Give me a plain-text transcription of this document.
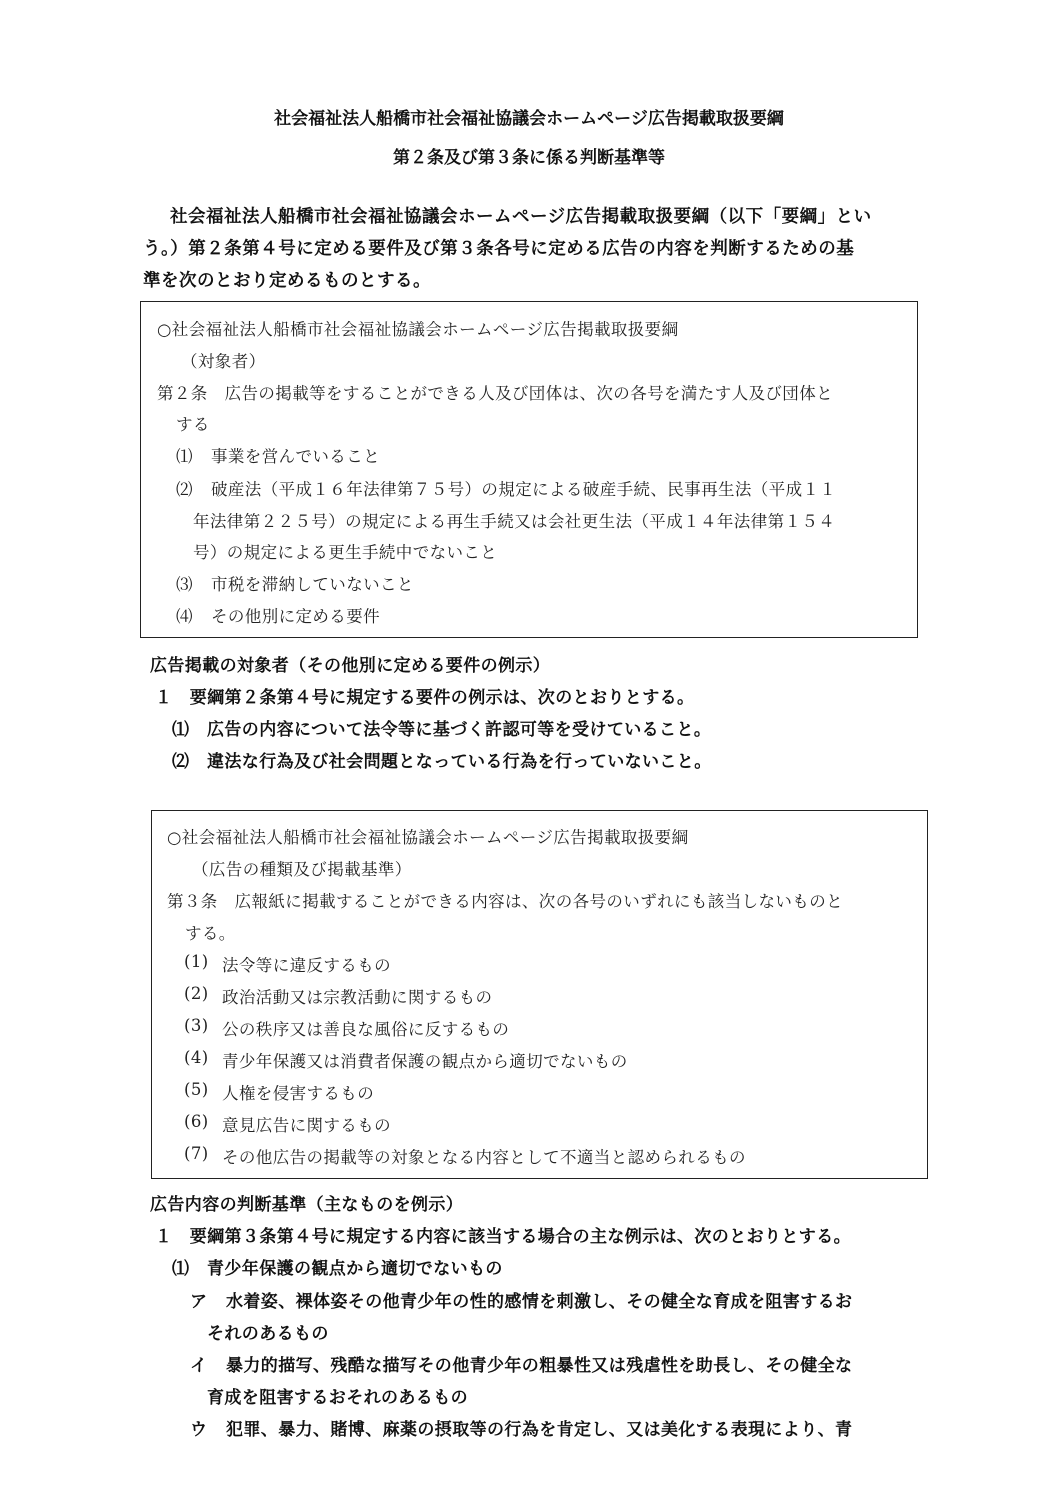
社会福祉法人船橋市社会福祉協議会ホームページ広告掲載取扱要綱
第２条及び第３条に係る判断基準等
社会福祉法人船橋市社会福祉協議会ホームページ広告掲載取扱要綱（以下「要綱」とい
う。）第２条第４号に定める要件及び第３条各号に定める広告の内容を判断するための基
準を次のとおり定めるものとする。
○社会福祉法人船橋市社会福祉協議会ホームページ広告掲載取扱要綱
（対象者）
第２条　広告の掲載等をすることができる人及び団体は、次の各号を満たす人及び団体と
する
⑴ 事業を営んでいること
⑵ 破産法（平成１６年法律第７５号）の規定による破産手続、民事再生法（平成１１
年法律第２２５号）の規定による再生手続又は会社更生法（平成１４年法律第１５４
号）の規定による更生手続中でないこと
⑶ 市税を滞納していないこと
⑷ その他別に定める要件
広告掲載の対象者（その他別に定める要件の例示）
１　要綱第２条第４号に規定する要件の例示は、次のとおりとする。
⑴ 広告の内容について法令等に基づく許認可等を受けていること。
⑵ 違法な行為及び社会問題となっている行為を行っていないこと。
○社会福祉法人船橋市社会福祉協議会ホームページ広告掲載取扱要綱
（広告の種類及び掲載基準）
第３条　広報紙に掲載することができる内容は、次の各号のいずれにも該当しないものと
する。
(1) 法令等に違反するもの
(2) 政治活動又は宗教活動に関するもの
(3) 公の秩序又は善良な風俗に反するもの
(4) 青少年保護又は消費者保護の観点から適切でないもの
(5) 人権を侵害するもの
(6) 意見広告に関するもの
(7) その他広告の掲載等の対象となる内容として不適当と認められるもの
広告内容の判断基準（主なものを例示）
１　要綱第３条第４号に規定する内容に該当する場合の主な例示は、次のとおりとする。
⑴ 青少年保護の観点から適切でないもの
ア 水着姿、裸体姿その他青少年の性的感情を刺激し、その健全な育成を阻害するお
それのあるもの
イ 暴力的描写、残酷な描写その他青少年の粗暴性又は残虐性を助長し、その健全な
育成を阻害するおそれのあるもの
ウ 犯罪、暴力、賭博、麻薬の摂取等の行為を肯定し、又は美化する表現により、青
